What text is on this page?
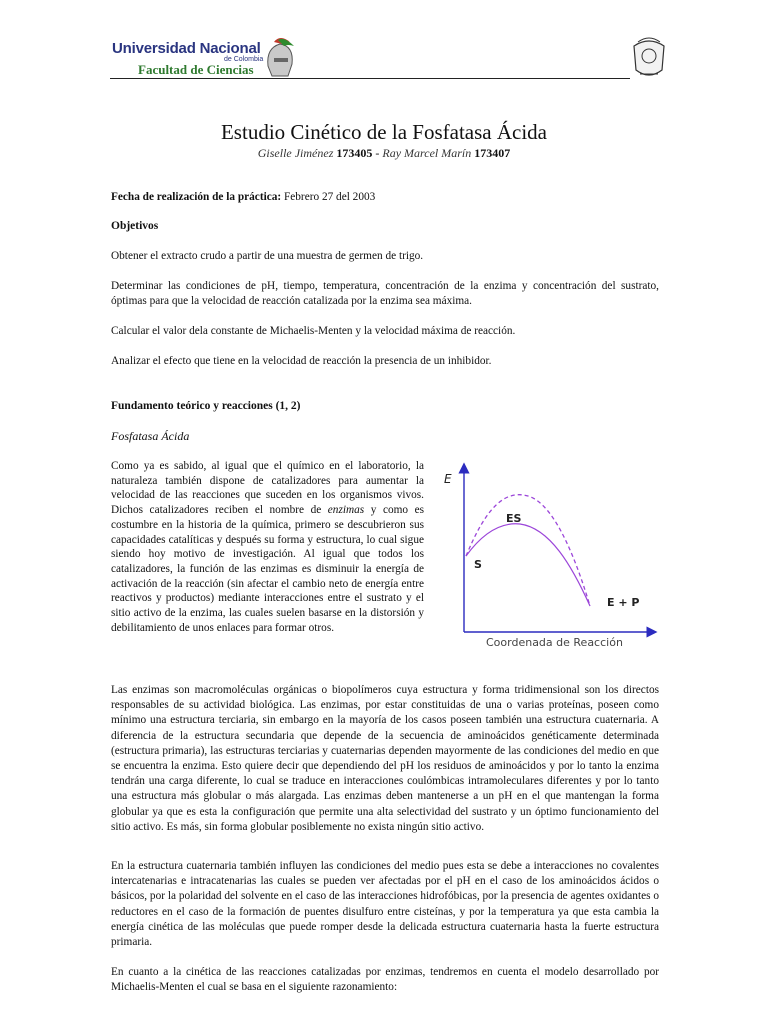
Universidad Nacional
de Colombia
Facultad de Ciencias
Estudio Cinético de la Fosfatasa Ácida
Giselle Jiménez 173405 - Ray Marcel Marín 173407

Fecha de realización de la práctica: Febrero 27 del 2003

Objetivos

Obtener el extracto crudo a partir de una muestra de germen de trigo.

Determinar las condiciones de pH, tiempo, temperatura, concentración de la enzima y concentración del sustrato, óptimas para que la velocidad de reacción catalizada por la enzima sea máxima.

Calcular el valor dela constante de Michaelis-Menten y la velocidad máxima de reacción.

Analizar el efecto que tiene en la velocidad de reacción la presencia de un inhibidor.

Fundamento teórico y reacciones (1, 2)
Fosfatasa Ácida

Como ya es sabido, al igual que el químico en el laboratorio, la naturaleza también dispone de catalizadores para aumentar la velocidad de las reacciones que suceden en los organismos vivos. Dichos catalizadores reciben el nombre de enzimas y como es costumbre en la historia de la química, primero se descubrieron sus capacidades catalíticas y después su forma y estructura, lo cual sigue siendo hoy motivo de investigación. Al igual que todos los catalizadores, la función de las enzimas es disminuir la energía de activación de la reacción (sin afectar el cambio neto de energía entre reactivos y productos) mediante interacciones entre el sustrato y el sitio activo de la enzima, las cuales suelen basarse en la distorsión y debilitamiento de unos enlaces para formar otros.

E
ES
S
E + P
Coordenada de Reacción

Las enzimas son macromoléculas orgánicas o biopolímeros cuya estructura y forma tridimensional son los directos responsables de su actividad biológica. Las enzimas, por estar constituidas de una o varias proteínas, poseen como mínimo una estructura terciaria, sin embargo en la mayoría de los casos poseen también una estructura cuaternaria. A diferencia de la estructura secundaria que depende de la secuencia de aminoácidos genéticamente determinada (estructura primaria), las estructuras terciarias y cuaternarias dependen mayormente de las condiciones del medio en que se encuentra la enzima. Esto quiere decir que dependiendo del pH los residuos de aminoácidos y por lo tanto la enzima tendrán una carga diferente, lo cual se traduce en interacciones coulómbicas intramoleculares diferentes y por lo tanto una estructura más globular o más alargada. Las enzimas deben mantenerse a un pH en el que mantengan la forma globular ya que es esta la configuración que permite una alta selectividad del sustrato y un óptimo funcionamiento del sitio activo. Es más, sin forma globular posiblemente no exista ningún sitio activo.

En la estructura cuaternaria también influyen las condiciones del medio pues esta se debe a interacciones no covalentes intercatenarias e intracatenarias las cuales se pueden ver afectadas por el pH en el caso de los aminoácidos ácidos o básicos, por la polaridad del solvente en el caso de las interacciones hidrofóbicas, por la presencia de agentes oxidantes o reductores en el caso de la formación de puentes disulfuro entre cisteínas, y por la temperatura ya que esta cambia la energía cinética de las moléculas que puede romper desde la delicada estructura cuaternaria hasta la fuerte estructura primaria.

En cuanto a la cinética de las reacciones catalizadas por enzimas, tendremos en cuenta el modelo desarrollado por Michaelis-Menten el cual se basa en el siguiente razonamiento:
